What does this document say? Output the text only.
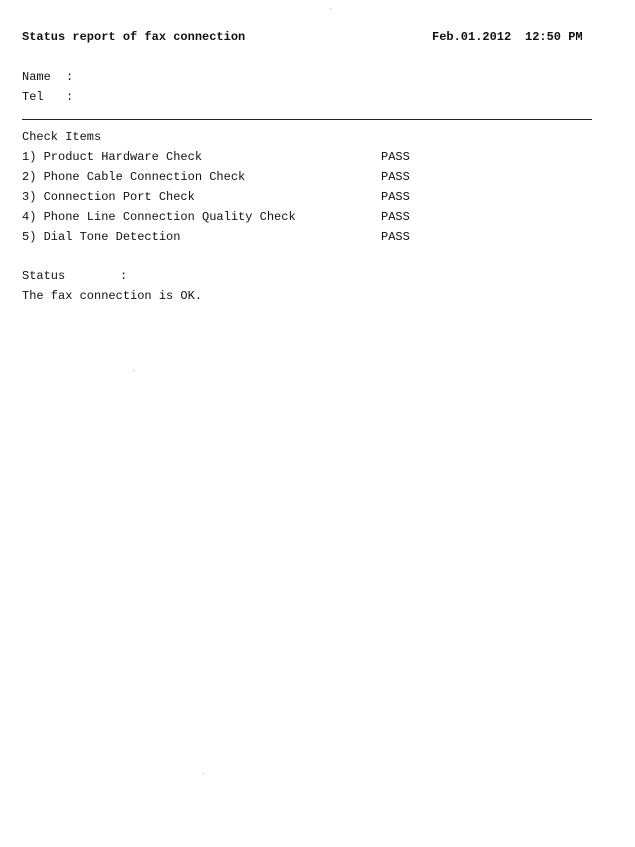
Status report of fax connection	Feb.01.2012 12:50 PM
Name :
Tel :
Check Items
1) Product Hardware Check	PASS
2) Phone Cable Connection Check	PASS
3) Connection Port Check	PASS
4) Phone Line Connection Quality Check	PASS
5) Dial Tone Detection	PASS
Status	:
The fax connection is OK.
